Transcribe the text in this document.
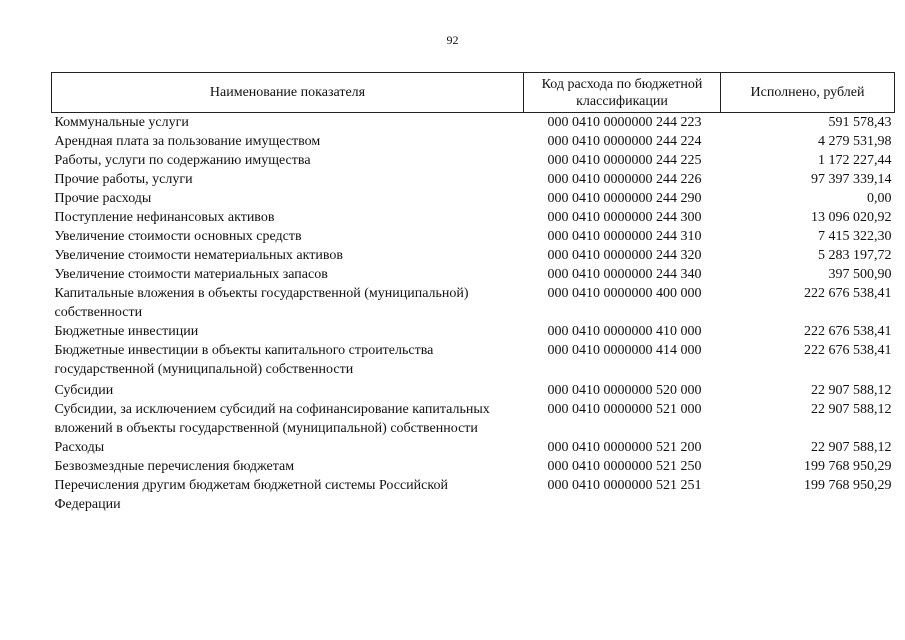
92
Наименование показателя	Код расхода по бюджетной классификации	Исполнено, рублей
Коммунальные услуги	000 0410 0000000 244 223	591 578,43
Арендная плата за пользование имуществом	000 0410 0000000 244 224	4 279 531,98
Работы, услуги по содержанию имущества	000 0410 0000000 244 225	1 172 227,44
Прочие работы, услуги	000 0410 0000000 244 226	97 397 339,14
Прочие расходы	000 0410 0000000 244 290	0,00
Поступление нефинансовых активов	000 0410 0000000 244 300	13 096 020,92
Увеличение стоимости основных средств	000 0410 0000000 244 310	7 415 322,30
Увеличение стоимости нематериальных активов	000 0410 0000000 244 320	5 283 197,72
Увеличение стоимости материальных запасов	000 0410 0000000 244 340	397 500,90
Капитальные вложения в объекты государственной (муниципальной) собственности	000 0410 0000000 400 000	222 676 538,41
Бюджетные инвестиции	000 0410 0000000 410 000	222 676 538,41
Бюджетные инвестиции в объекты капитального строительства государственной (муниципальной) собственности	000 0410 0000000 414 000	222 676 538,41
Субсидии	000 0410 0000000 520 000	22 907 588,12
Субсидии, за исключением субсидий на софинансирование капитальных вложений в объекты государственной (муниципальной) собственности	000 0410 0000000 521 000	22 907 588,12
Расходы	000 0410 0000000 521 200	22 907 588,12
Безвозмездные перечисления бюджетам	000 0410 0000000 521 250	199 768 950,29
Перечисления другим бюджетам бюджетной системы Российской Федерации	000 0410 0000000 521 251	199 768 950,29
